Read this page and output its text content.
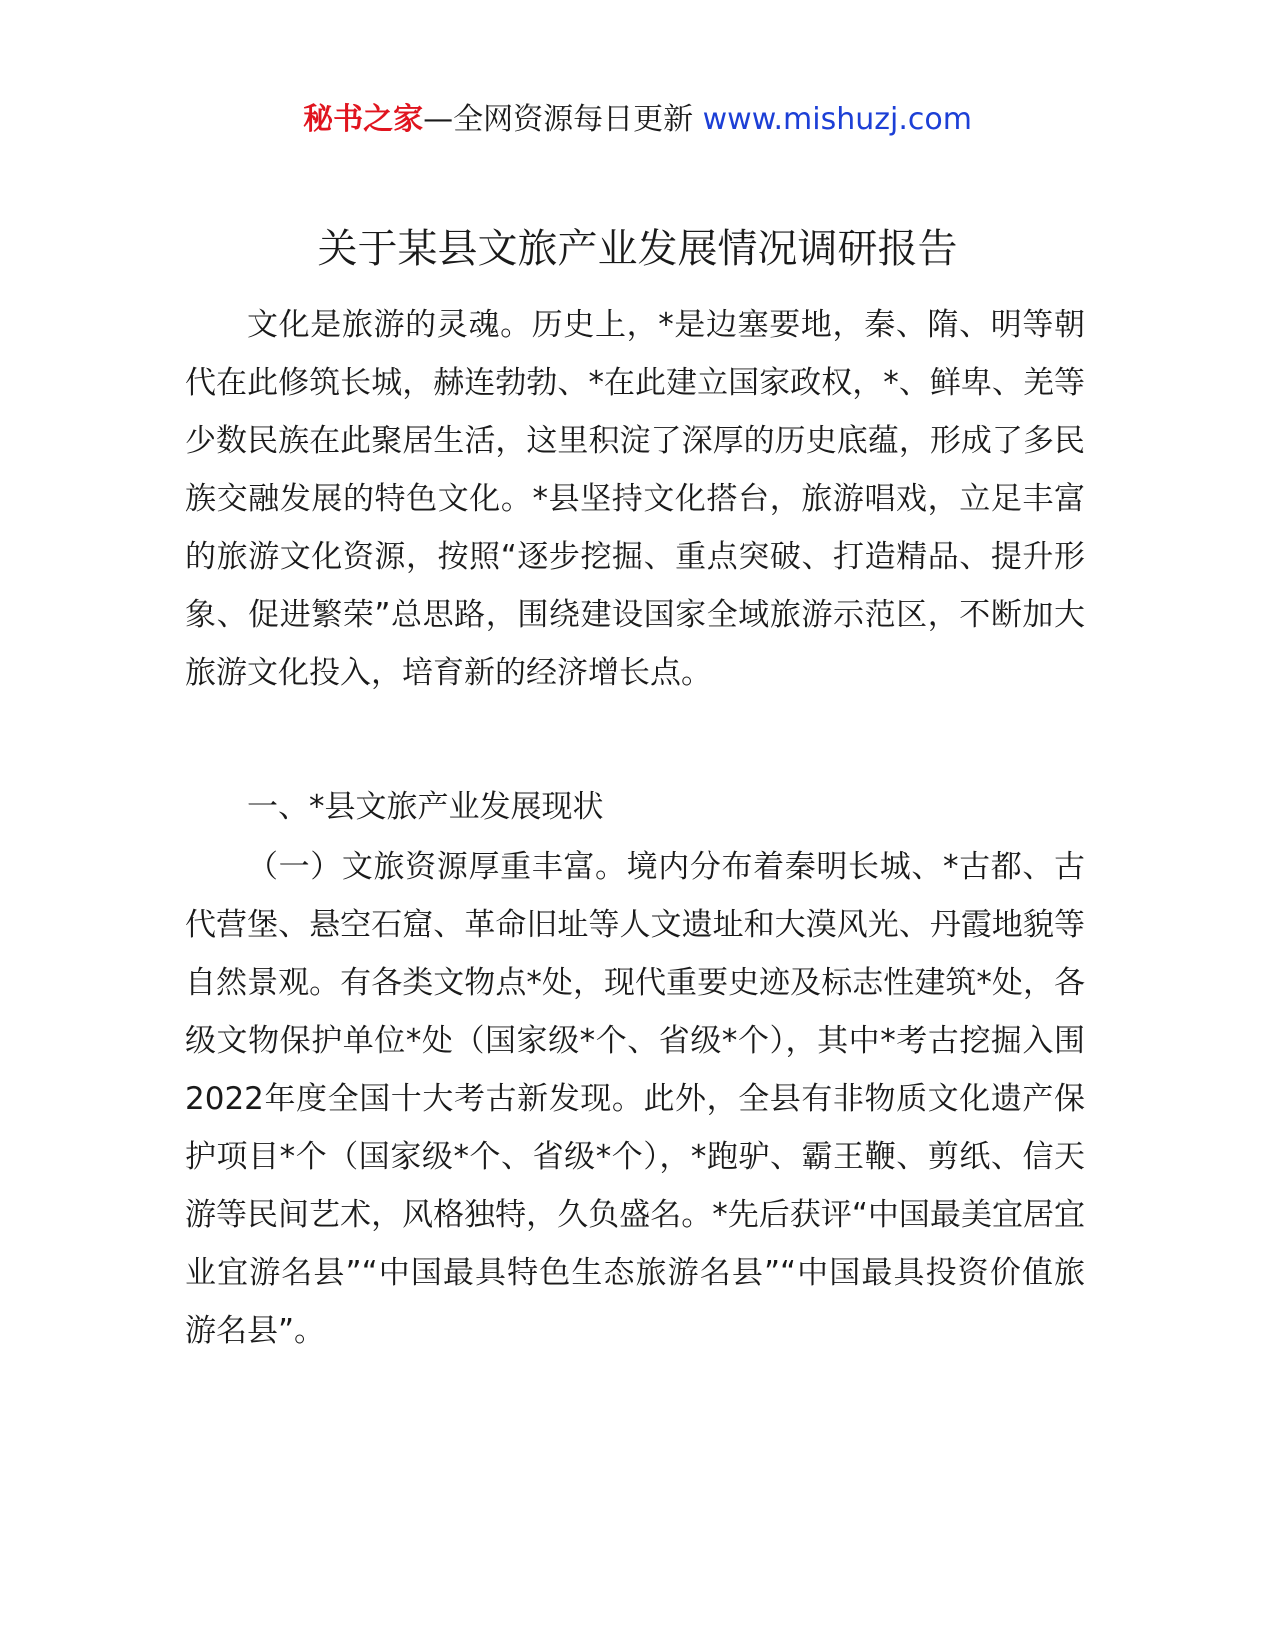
秘书之家—全网资源每日更新 www.mishuzj.com
关于某县文旅产业发展情况调研报告

文化是旅游的灵魂。历史上，*是边塞要地，秦、隋、明等朝代在此修筑长城，赫连勃勃、*在此建立国家政权，*、鲜卑、羌等少数民族在此聚居生活，这里积淀了深厚的历史底蕴，形成了多民族交融发展的特色文化。*县坚持文化搭台，旅游唱戏，立足丰富的旅游文化资源，按照“逐步挖掘、重点突破、打造精品、提升形象、促进繁荣”总思路，围绕建设国家全域旅游示范区，不断加大旅游文化投入，培育新的经济增长点。

一、*县文旅产业发展现状

（一）文旅资源厚重丰富。境内分布着秦明长城、*古都、古代营堡、悬空石窟、革命旧址等人文遗址和大漠风光、丹霞地貌等自然景观。有各类文物点*处，现代重要史迹及标志性建筑*处，各级文物保护单位*处（国家级*个、省级*个），其中*考古挖掘入围2022年度全国十大考古新发现。此外，全县有非物质文化遗产保护项目*个（国家级*个、省级*个），*跑驴、霸王鞭、剪纸、信天游等民间艺术，风格独特，久负盛名。*先后获评“中国最美宜居宜业宜游名县”“中国最具特色生态旅游名县”“中国最具投资价值旅游名县”。
